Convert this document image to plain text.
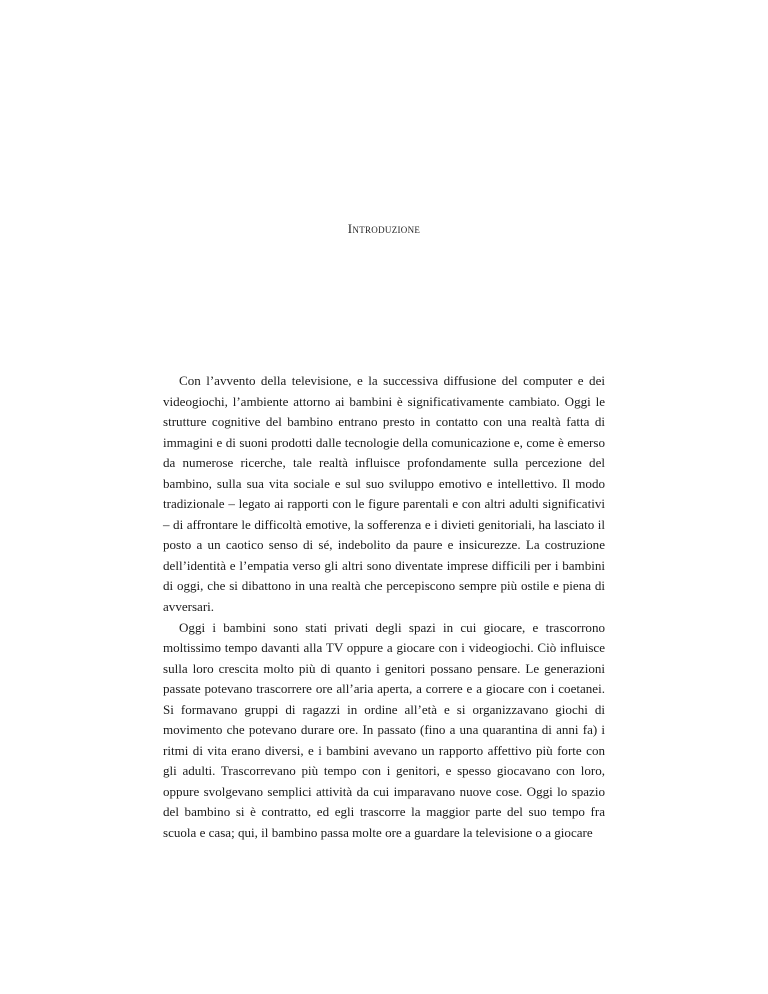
Introduzione

Con l’avvento della televisione, e la successiva diffusione del computer e dei videogiochi, l’ambiente attorno ai bambini è significativamente cambiato. Oggi le strutture cognitive del bambino entrano presto in contatto con una realtà fatta di immagini e di suoni prodotti dalle tecnologie della comunicazione e, come è emerso da numerose ricerche, tale realtà influisce profondamente sulla percezione del bambino, sulla sua vita sociale e sul suo sviluppo emotivo e intellettivo. Il modo tradizionale – legato ai rapporti con le figure parentali e con altri adulti significativi – di affrontare le difficoltà emotive, la sofferenza e i divieti genitoriali, ha lasciato il posto a un caotico senso di sé, indebolito da paure e insicurezze. La costruzione dell’identità e l’empatia verso gli altri sono diventate imprese difficili per i bambini di oggi, che si dibattono in una realtà che percepiscono sempre più ostile e piena di avversari.

Oggi i bambini sono stati privati degli spazi in cui giocare, e trascorrono moltissimo tempo davanti alla TV oppure a giocare con i videogiochi. Ciò influisce sulla loro crescita molto più di quanto i genitori possano pensare. Le generazioni passate potevano trascorrere ore all’aria aperta, a correre e a giocare con i coetanei. Si formavano gruppi di ragazzi in ordine all’età e si organizzavano giochi di movimento che potevano durare ore. In passato (fino a una quarantina di anni fa) i ritmi di vita erano diversi, e i bambini avevano un rapporto affettivo più forte con gli adulti. Trascorrevano più tempo con i genitori, e spesso giocavano con loro, oppure svolgevano semplici attività da cui imparavano nuove cose. Oggi lo spazio del bambino si è contratto, ed egli trascorre la maggior parte del suo tempo fra scuola e casa; qui, il bambino passa molte ore a guardare la televisione o a giocare
